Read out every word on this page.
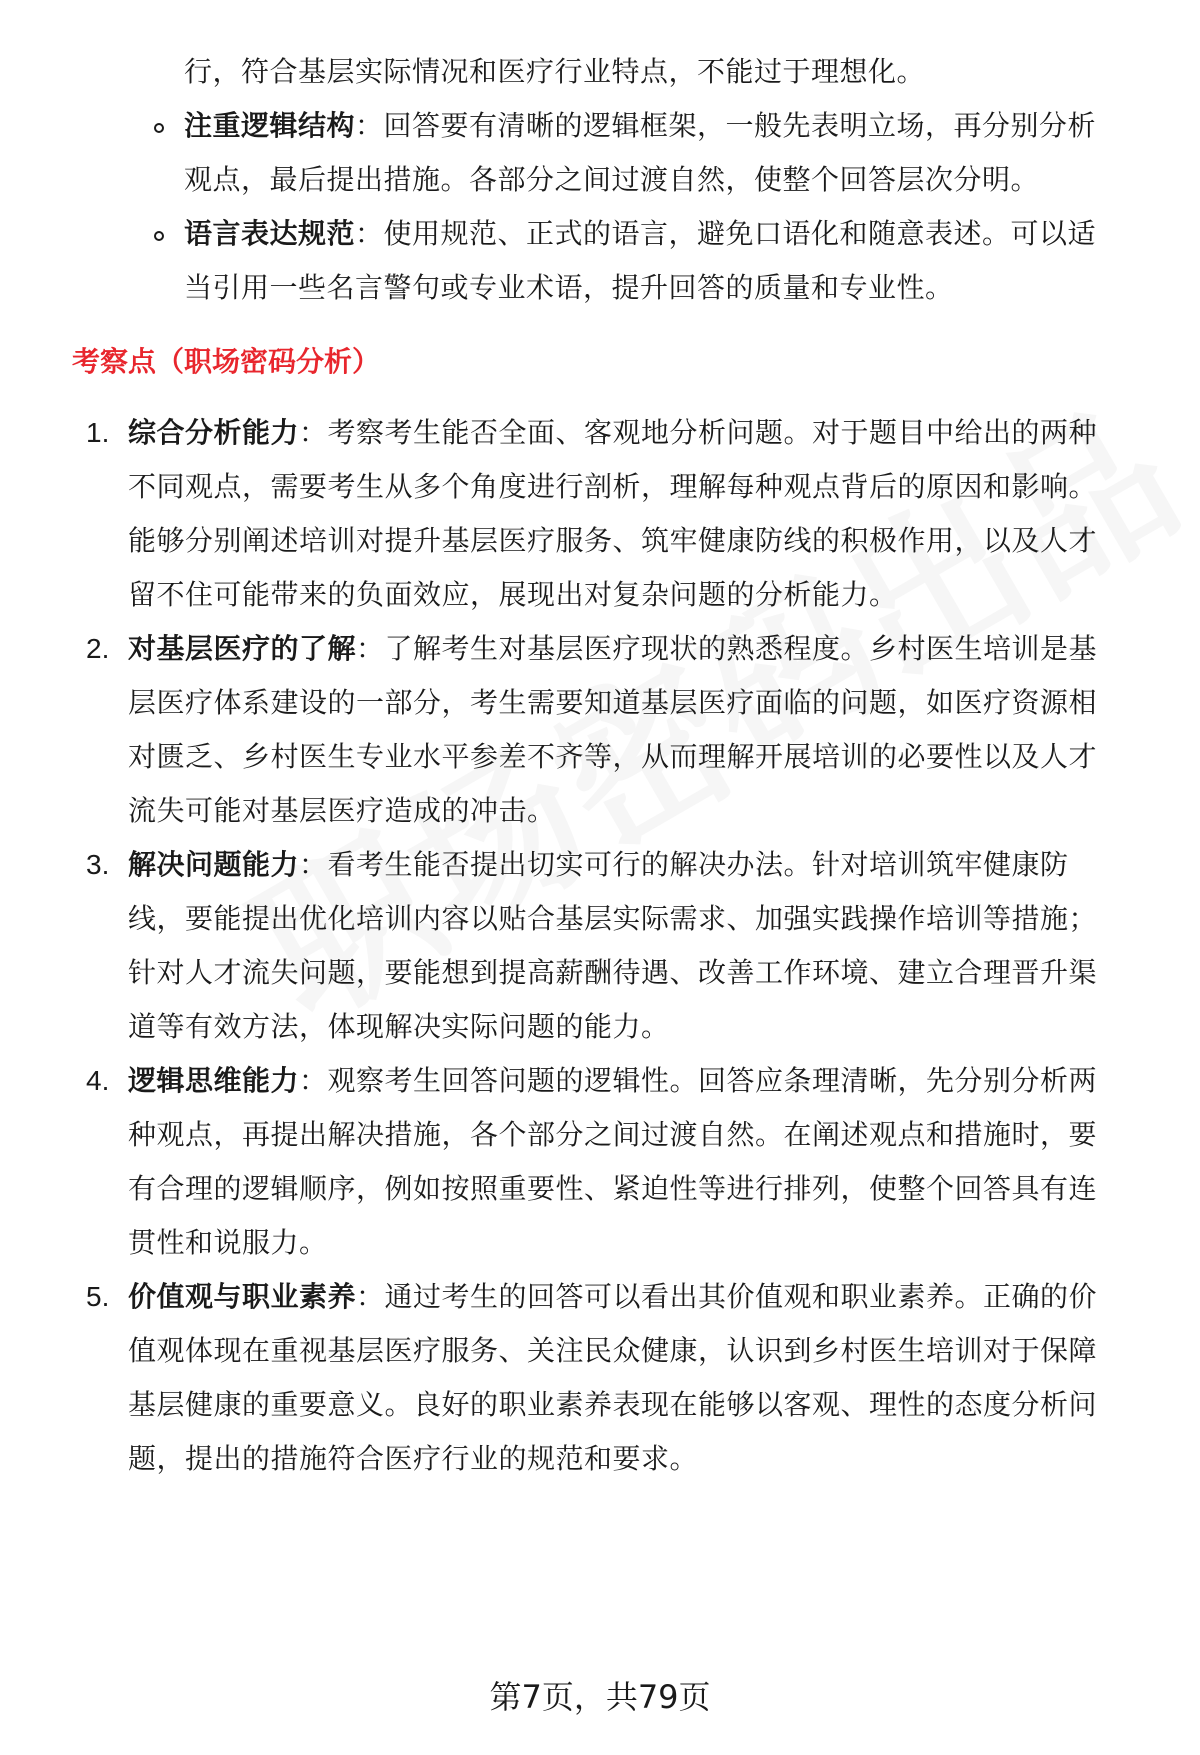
行，符合基层实际情况和医疗行业特点，不能过于理想化。
注重逻辑结构：回答要有清晰的逻辑框架，一般先表明立场，再分别分析
观点，最后提出措施。各部分之间过渡自然，使整个回答层次分明。
语言表达规范：使用规范、正式的语言，避免口语化和随意表述。可以适
当引用一些名言警句或专业术语，提升回答的质量和专业性。
考察点（职场密码分析）
1. 综合分析能力：考察考生能否全面、客观地分析问题。对于题目中给出的两种
不同观点，需要考生从多个角度进行剖析，理解每种观点背后的原因和影响。
能够分别阐述培训对提升基层医疗服务、筑牢健康防线的积极作用，以及人才
留不住可能带来的负面效应，展现出对复杂问题的分析能力。
2. 对基层医疗的了解：了解考生对基层医疗现状的熟悉程度。乡村医生培训是基
层医疗体系建设的一部分，考生需要知道基层医疗面临的问题，如医疗资源相
对匮乏、乡村医生专业水平参差不齐等，从而理解开展培训的必要性以及人才
流失可能对基层医疗造成的冲击。
3. 解决问题能力：看考生能否提出切实可行的解决办法。针对培训筑牢健康防
线，要能提出优化培训内容以贴合基层实际需求、加强实践操作培训等措施；
针对人才流失问题，要能想到提高薪酬待遇、改善工作环境、建立合理晋升渠
道等有效方法，体现解决实际问题的能力。
4. 逻辑思维能力：观察考生回答问题的逻辑性。回答应条理清晰，先分别分析两
种观点，再提出解决措施，各个部分之间过渡自然。在阐述观点和措施时，要
有合理的逻辑顺序，例如按照重要性、紧迫性等进行排列，使整个回答具有连
贯性和说服力。
5. 价值观与职业素养：通过考生的回答可以看出其价值观和职业素养。正确的价
值观体现在重视基层医疗服务、关注民众健康，认识到乡村医生培训对于保障
基层健康的重要意义。良好的职业素养表现在能够以客观、理性的态度分析问
题，提出的措施符合医疗行业的规范和要求。
第7页，共79页
